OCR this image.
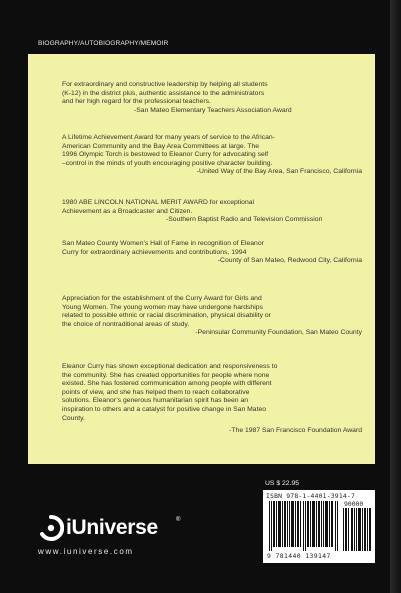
BIOGRAPHY/AUTOBIOGRAPHY/MEMOIR

For extraordinary and constructive leadership by helping all students

(K-12) in the district plus, authentic assistance to the administrators

and her high regard for the professional teachers.

-San Mateo Elementary Teachers Association Award

A Lifetime Achievement Award for many years of service to the African-

American Community and the Bay Area Committees at large. The

1996 Olympic Torch is bestowed to Eleanor Curry for advocating self

–control in the minds of youth encouraging positive character building.

-United Way of the Bay Area, San Francisco, California

1980 ABE LINCOLN NATIONAL MERIT AWARD for exceptional

Achievement as a Broadcaster and Citizen.

-Southern Baptist Radio and Television Commission

San Mateo County Women’s Hall of Fame in recognition of Eleanor

Curry for extraordinary achievements and contributions, 1994

-County of San Mateo, Redwood City, California

Appreciation for the establishment of the Curry Award for Girls and

Young Women. The young women may have undergone hardships

related to possible ethnic or racial discrimination, physical disability or

the choice of nontraditional areas of study.

-Peninsular Community Foundation, San Mateo County

Eleanor Curry has shown exceptional dedication and responsiveness to

the community. She has created opportunities for people where none

existed. She has fostered communication among people with different

points of view, and she has helped them to reach collaborative

solutions. Eleanor’s generous humanitarian spirit has been an

inspiration to others and a catalyst for positive change in San Mateo

County.

-The 1987 San Francisco Foundation Award

US $ 22.95
ISBN 978-1-4401-3914-7
90000
9 781440 139147
iUniverse	®
www.iuniverse.com
